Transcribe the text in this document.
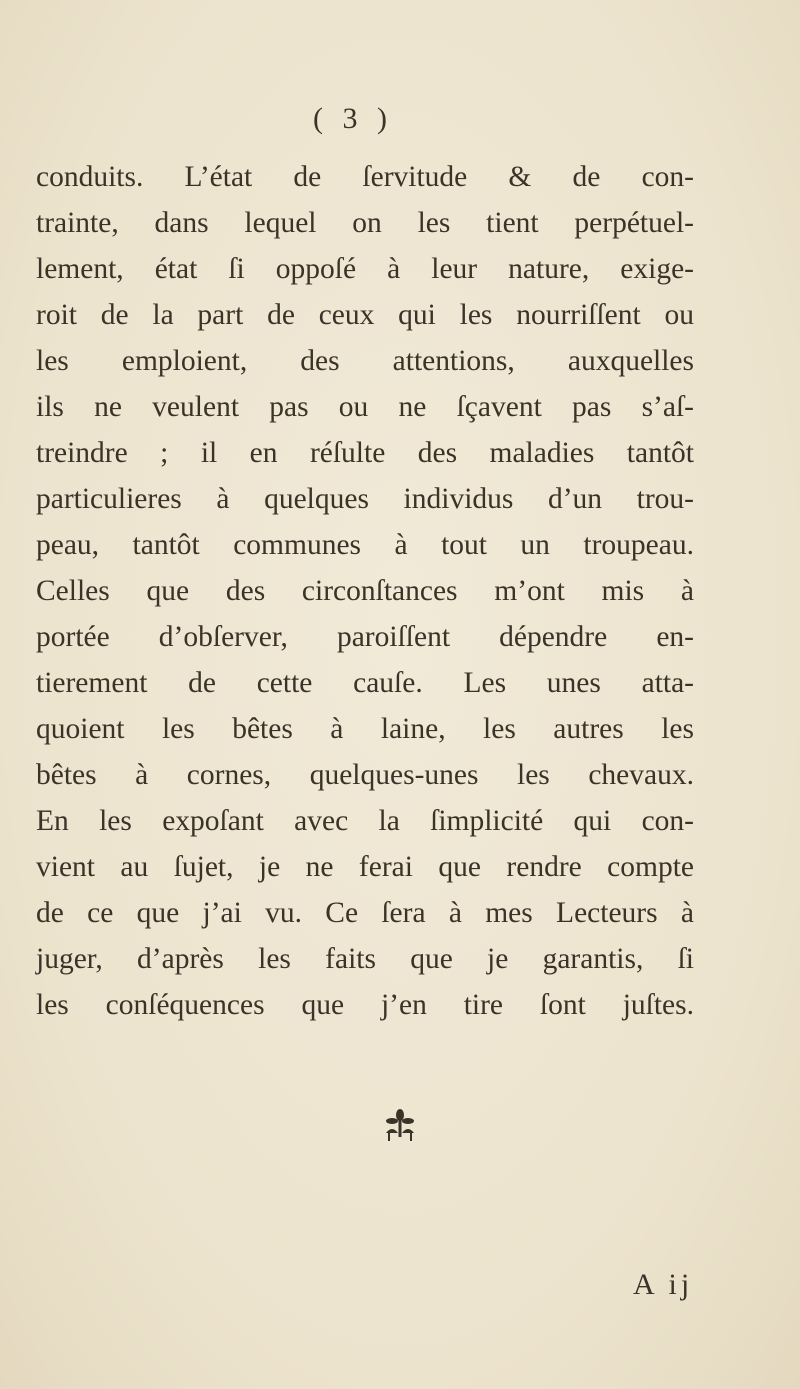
( 3 )
conduits. L’état de ſervitude & de con-
trainte, dans lequel on les tient perpétuel-
lement, état ſi oppoſé à leur nature, exige-
roit de la part de ceux qui les nourriſſent ou
les emploient, des attentions, auxquelles
ils ne veulent pas ou ne ſçavent pas s’aſ-
treindre ; il en réſulte des maladies tantôt
particulieres à quelques individus d’un trou-
peau, tantôt communes à tout un troupeau.
Celles que des circonſtances m’ont mis à
portée d’obſerver, paroiſſent dépendre en-
tierement de cette cauſe. Les unes atta-
quoient les bêtes à laine, les autres les
bêtes à cornes, quelques-unes les chevaux.
En les expoſant avec la ſimplicité qui con-
vient au ſujet, je ne ferai que rendre compte
de ce que j’ai vu. Ce ſera à mes Lecteurs à
juger, d’après les faits que je garantis, ſi
les conſéquences que j’en tire ſont juſtes.
A ij
